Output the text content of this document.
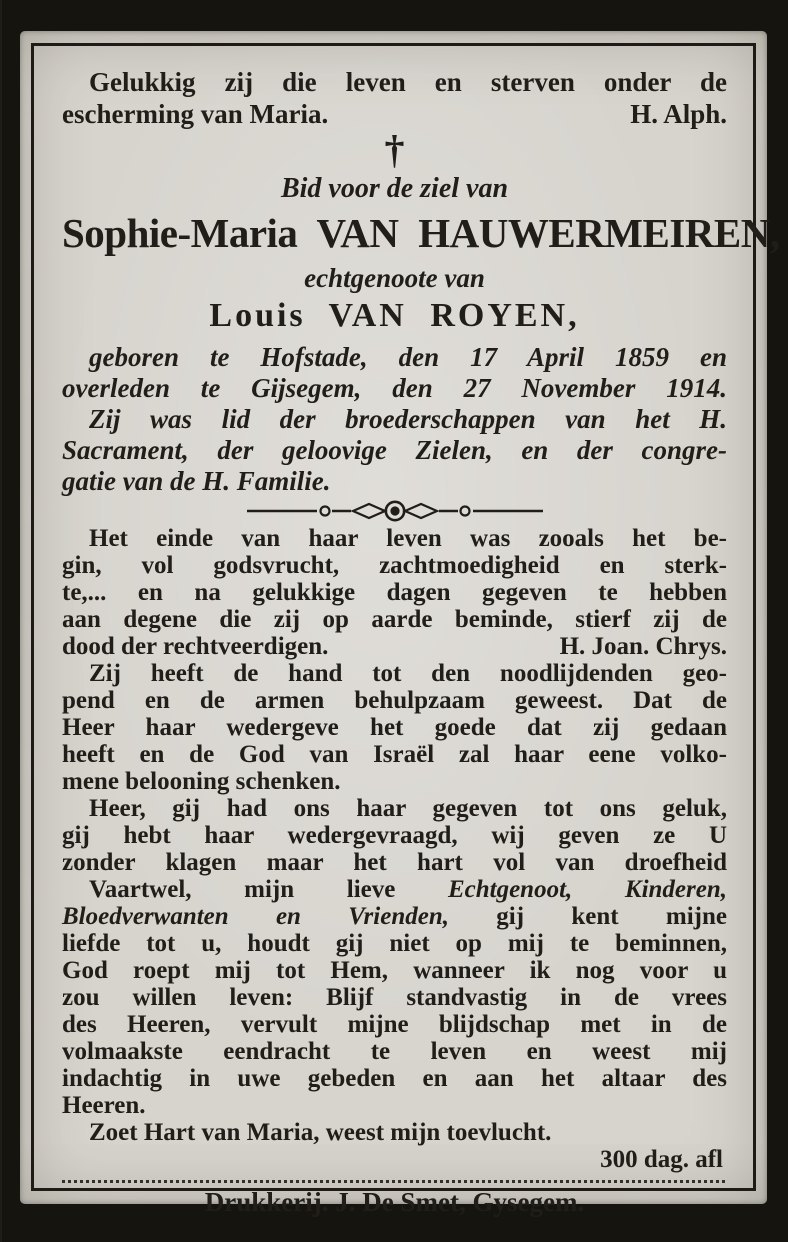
Gelukkig zij die leven en sterven onder de
escherming van Maria.	H. Alph.
†
Bid voor de ziel van
Sophie-Maria VAN HAUWERMEIREN,
echtgenoote van
Louis VAN ROYEN,
geboren te Hofstade, den 17 April 1859 en
overleden te Gijsegem, den 27 November 1914.
Zij was lid der broederschappen van het H.
Sacrament, der geloovige Zielen, en der congre-
gatie van de H. Familie.
Het einde van haar leven was zooals het be-
gin, vol godsvrucht, zachtmoedigheid en sterk-
te,... en na gelukkige dagen gegeven te hebben
aan degene die zij op aarde beminde, stierf zij de
dood der rechtveerdigen.	H. Joan. Chrys.
Zij heeft de hand tot den noodlijdenden geo-
pend en de armen behulpzaam geweest. Dat de
Heer haar wedergeve het goede dat zij gedaan
heeft en de God van Israël zal haar eene volko-
mene belooning schenken.
Heer, gij had ons haar gegeven tot ons geluk,
gij hebt haar wedergevraagd, wij geven ze U
zonder klagen maar het hart vol van droefheid
Vaartwel, mijn lieve Echtgenoot, Kinderen,
Bloedverwanten en Vrienden, gij kent mijne
liefde tot u, houdt gij niet op mij te beminnen,
God roept mij tot Hem, wanneer ik nog voor u
zou willen leven: Blijf standvastig in de vrees
des Heeren, vervult mijne blijdschap met in de
volmaakste eendracht te leven en weest mij
indachtig in uwe gebeden en aan het altaar des
Heeren.
Zoet Hart van Maria, weest mijn toevlucht.
300 dag. afl
Drukkerij. J. De Smet, Gysegem.
